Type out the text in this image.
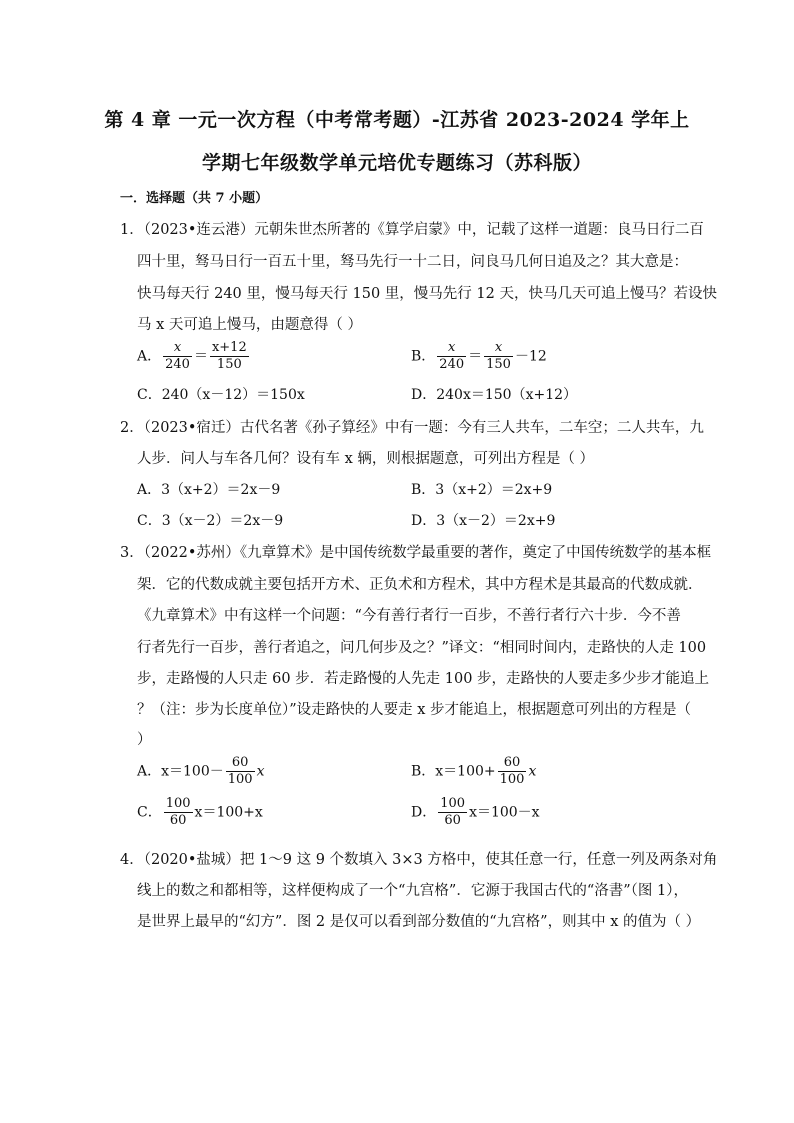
第 4 章 一元一次方程（中考常考题）-江苏省 2023-2024 学年上
学期七年级数学单元培优专题练习（苏科版）
一．选择题（共 7 小题）
1．（2023•连云港）元朝朱世杰所著的《算学启蒙》中，记载了这样一道题：良马日行二百
四十里，驽马日行一百五十里，驽马先行一十二日，问良马几何日追及之？其大意是：
快马每天行 240 里，慢马每天行 150 里，慢马先行 12 天，快马几天可追上慢马？若设快
马 x 天可追上慢马，由题意得（ ）
A． $\frac{x}{240} = \frac{x+12}{150}$	B． $\frac{x}{240} = \frac{x}{150} -12$
C．240（x－12）＝150x	D．240x＝150（x+12）
2．（2023•宿迁）古代名著《孙子算经》中有一题：今有三人共车，二车空；二人共车，九
人步．问人与车各几何？设有车 x 辆，则根据题意，可列出方程是（ ）
A．3（x+2）＝2x－9	B．3（x+2）＝2x+9
C．3（x－2）＝2x－9	D．3（x－2）＝2x+9
3．（2022•苏州）《九章算术》是中国传统数学最重要的著作，奠定了中国传统数学的基本框
架．它的代数成就主要包括开方术、正负术和方程术，其中方程术是其最高的代数成就．
《九章算术》中有这样一个问题：“今有善行者行一百步，不善行者行六十步．今不善
行者先行一百步，善行者追之，问几何步及之？”译文：“相同时间内，走路快的人走 100
步，走路慢的人只走 60 步．若走路慢的人先走 100 步，走路快的人要走多少步才能追上
？（注：步为长度单位）”设走路快的人要走 x 步才能追上，根据题意可列出的方程是（
）
A．$x=100- \frac{60}{100}$ x	B．$x=100+ \frac{60}{100}$ x
C． $\frac{100}{60} x=100+x$	D． $\frac{100}{60} x=100-x$
4．（2020•盐城）把 1～9 这 9 个数填入 3×3 方格中，使其任意一行，任意一列及两条对角
线上的数之和都相等，这样便构成了一个“九宫格”．它源于我国古代的“洛書”（图 1），
是世界上最早的“幻方”．图 2 是仅可以看到部分数值的“九宫格”，则其中 x 的值为（ ）
